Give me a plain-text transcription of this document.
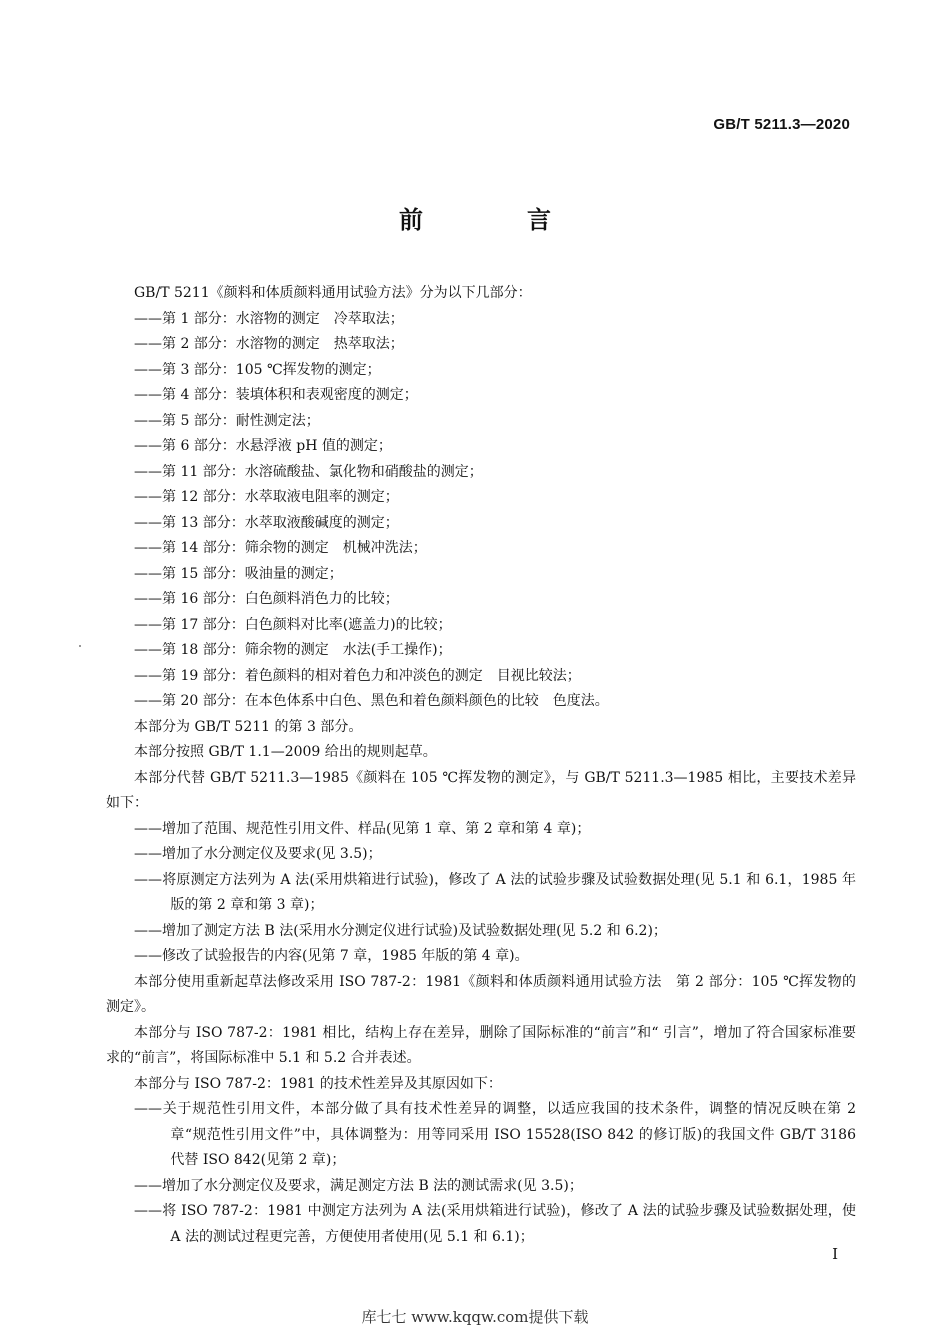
GB/T 5211.3—2020
前　言
GB/T 5211《颜料和体质颜料通用试验方法》分为以下几部分：
——第 1 部分：水溶物的测定　冷萃取法；
——第 2 部分：水溶物的测定　热萃取法；
——第 3 部分：105 ℃挥发物的测定；
——第 4 部分：装填体积和表观密度的测定；
——第 5 部分：耐性测定法；
——第 6 部分：水悬浮液 pH 值的测定；
——第 11 部分：水溶硫酸盐、氯化物和硝酸盐的测定；
——第 12 部分：水萃取液电阻率的测定；
——第 13 部分：水萃取液酸碱度的测定；
——第 14 部分：筛余物的测定　机械冲洗法；
——第 15 部分：吸油量的测定；
——第 16 部分：白色颜料消色力的比较；
——第 17 部分：白色颜料对比率(遮盖力)的比较；
——第 18 部分：筛余物的测定　水法(手工操作)；
——第 19 部分：着色颜料的相对着色力和冲淡色的测定　目视比较法；
——第 20 部分：在本色体系中白色、黑色和着色颜料颜色的比较　色度法。
本部分为 GB/T 5211 的第 3 部分。
本部分按照 GB/T 1.1—2009 给出的规则起草。
本部分代替 GB/T 5211.3—1985《颜料在 105 ℃挥发物的测定》，与 GB/T 5211.3—1985 相比，主要技术差异如下：
——增加了范围、规范性引用文件、样品(见第 1 章、第 2 章和第 4 章)；
——增加了水分测定仪及要求(见 3.5)；
——将原测定方法列为 A 法(采用烘箱进行试验)，修改了 A 法的试验步骤及试验数据处理(见 5.1 和 6.1，1985 年版的第 2 章和第 3 章)；
——增加了测定方法 B 法(采用水分测定仪进行试验)及试验数据处理(见 5.2 和 6.2)；
——修改了试验报告的内容(见第 7 章，1985 年版的第 4 章)。
本部分使用重新起草法修改采用 ISO 787-2：1981《颜料和体质颜料通用试验方法　第 2 部分：105 ℃挥发物的测定》。
本部分与 ISO 787-2：1981 相比，结构上存在差异，删除了国际标准的“前言”和“ 引言”，增加了符合国家标准要求的“前言”，将国际标准中 5.1 和 5.2 合并表述。
本部分与 ISO 787-2：1981 的技术性差异及其原因如下：
——关于规范性引用文件，本部分做了具有技术性差异的调整，以适应我国的技术条件，调整的情况反映在第 2 章“规范性引用文件”中，具体调整为：用等同采用 ISO 15528(ISO 842 的修订版)的我国文件 GB/T 3186 代替 ISO 842(见第 2 章)；
——增加了水分测定仪及要求，满足测定方法 B 法的测试需求(见 3.5)；
——将 ISO 787-2：1981 中测定方法列为 A 法(采用烘箱进行试验)，修改了 A 法的试验步骤及试验数据处理，使 A 法的测试过程更完善，方便使用者使用(见 5.1 和 6.1)；
I
库七七 www.kqqw.com提供下载
